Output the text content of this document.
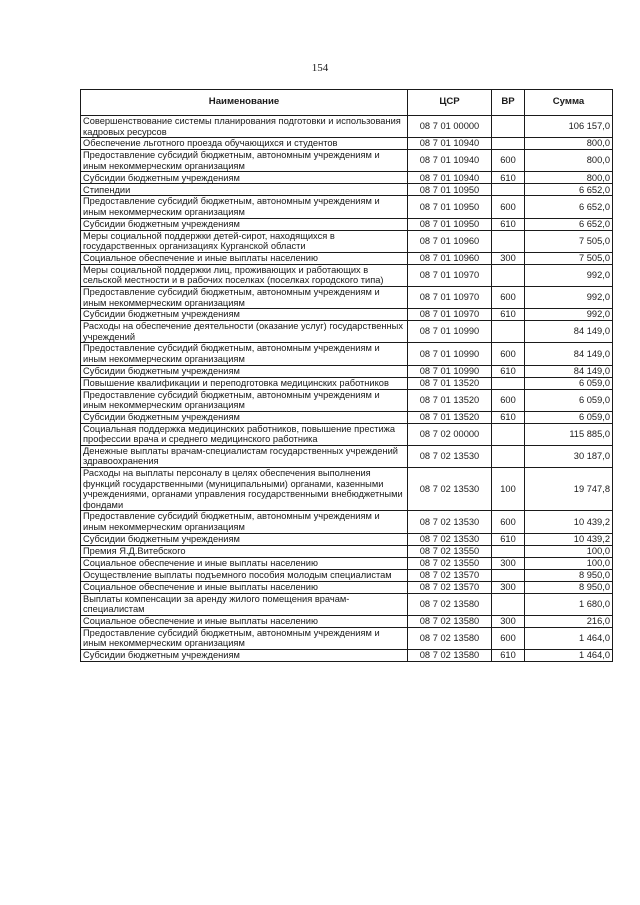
154
Наименование	ЦСР	ВР	Сумма
Совершенствование системы планирования подготовки и использования кадровых ресурсов	08 7 01 00000		106 157,0
Обеспечение льготного проезда обучающихся и студентов	08 7 01 10940		800,0
Предоставление субсидий бюджетным, автономным учреждениям и иным некоммерческим организациям	08 7 01 10940	600	800,0
Субсидии бюджетным учреждениям	08 7 01 10940	610	800,0
Стипендии	08 7 01 10950		6 652,0
Предоставление субсидий бюджетным, автономным учреждениям и иным некоммерческим организациям	08 7 01 10950	600	6 652,0
Субсидии бюджетным учреждениям	08 7 01 10950	610	6 652,0
Меры социальной поддержки детей-сирот, находящихся в государственных организациях Курганской области	08 7 01 10960		7 505,0
Социальное обеспечение и иные выплаты населению	08 7 01 10960	300	7 505,0
Меры социальной поддержки лиц, проживающих и работающих в сельской местности и в рабочих поселках (поселках городского типа)	08 7 01 10970		992,0
Предоставление субсидий бюджетным, автономным учреждениям и иным некоммерческим организациям	08 7 01 10970	600	992,0
Субсидии бюджетным учреждениям	08 7 01 10970	610	992,0
Расходы на обеспечение деятельности (оказание услуг) государственных учреждений	08 7 01 10990		84 149,0
Предоставление субсидий бюджетным, автономным учреждениям и иным некоммерческим организациям	08 7 01 10990	600	84 149,0
Субсидии бюджетным учреждениям	08 7 01 10990	610	84 149,0
Повышение квалификации и переподготовка медицинских работников	08 7 01 13520		6 059,0
Предоставление субсидий бюджетным, автономным учреждениям и иным некоммерческим организациям	08 7 01 13520	600	6 059,0
Субсидии бюджетным учреждениям	08 7 01 13520	610	6 059,0
Социальная поддержка медицинских работников, повышение престижа профессии врача и среднего медицинского работника	08 7 02 00000		115 885,0
Денежные выплаты врачам-специалистам государственных учреждений здравоохранения	08 7 02 13530		30 187,0
Расходы на выплаты персоналу в целях обеспечения выполнения функций государственными (муниципальными) органами, казенными учреждениями, органами управления государственными внебюджетными фондами	08 7 02 13530	100	19 747,8
Предоставление субсидий бюджетным, автономным учреждениям и иным некоммерческим организациям	08 7 02 13530	600	10 439,2
Субсидии бюджетным учреждениям	08 7 02 13530	610	10 439,2
Премия Я.Д.Витебского	08 7 02 13550		100,0
Социальное обеспечение и иные выплаты населению	08 7 02 13550	300	100,0
Осуществление выплаты подъемного пособия молодым специалистам	08 7 02 13570		8 950,0
Социальное обеспечение и иные выплаты населению	08 7 02 13570	300	8 950,0
Выплаты компенсации за аренду жилого помещения врачам-специалистам	08 7 02 13580		1 680,0
Социальное обеспечение и иные выплаты населению	08 7 02 13580	300	216,0
Предоставление субсидий бюджетным, автономным учреждениям и иным некоммерческим организациям	08 7 02 13580	600	1 464,0
Субсидии бюджетным учреждениям	08 7 02 13580	610	1 464,0
